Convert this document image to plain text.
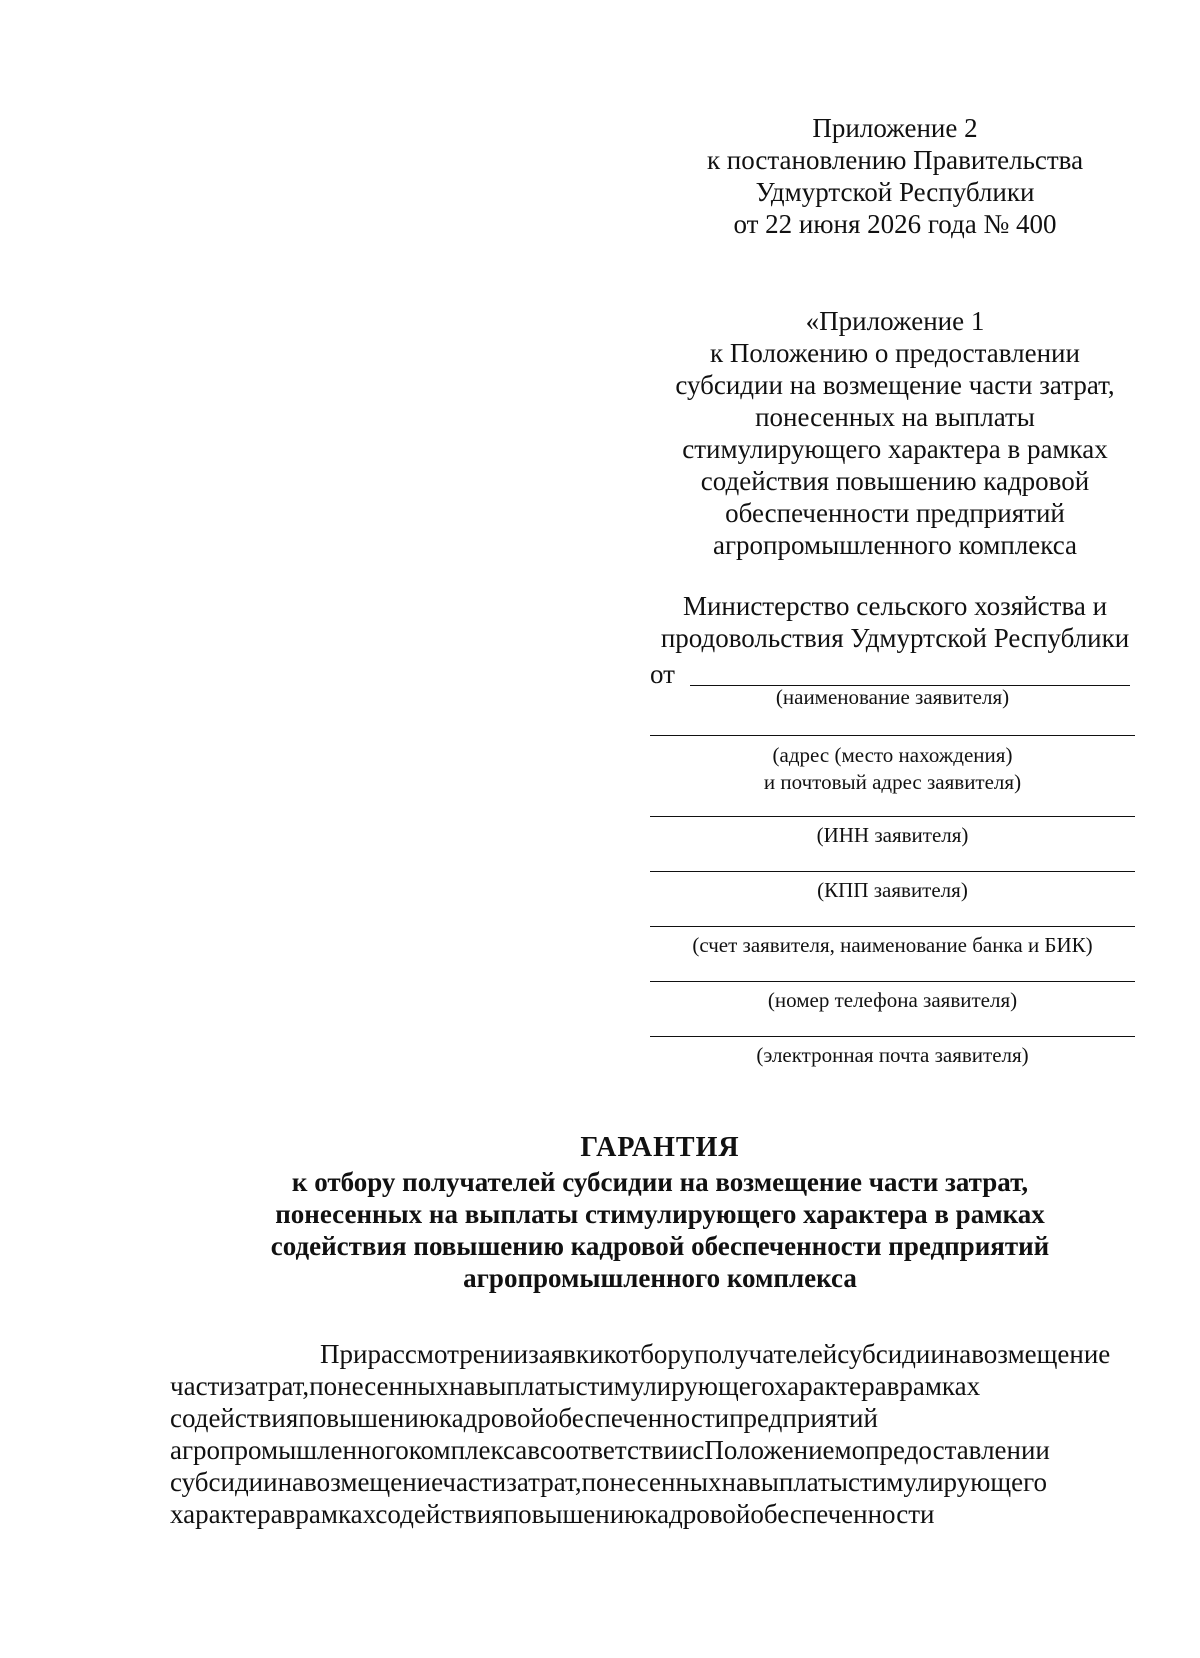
Приложение 2
к постановлению Правительства
Удмуртской Республики
от 22 июня 2026 года № 400
«Приложение 1
к Положению о предоставлении
субсидии на возмещение части затрат,
понесенных на выплаты
стимулирующего характера в рамках
содействия повышению кадровой
обеспеченности предприятий
агропромышленного комплекса
Министерство сельского хозяйства и
продовольствия Удмуртской Республики
от
(наименование заявителя)
(адрес (место нахождения)
и почтовый адрес заявителя)
(ИНН заявителя)
(КПП заявителя)
(счет заявителя, наименование банка и БИК)
(номер телефона заявителя)
(электронная почта заявителя)
ГАРАНТИЯ
к отбору получателей субсидии на возмещение части затрат,
понесенных на выплаты стимулирующего характера в рамках
содействия повышению кадровой обеспеченности предприятий
агропромышленного комплекса
Прирассмотрениизаявкикотборуполучателейсубсидиинавозмещение
частизатрат,понесенныхнавыплатыстимулирующегохарактераврамках
содействияповышениюкадровойобеспеченностипредприятий
агропромышленногокомплексавсоответствиисПоложениемопредоставлении
субсидиинавозмещениечастизатрат,понесенныхнавыплатыстимулирующего
характераврамкахсодействияповышениюкадровойобеспеченности
